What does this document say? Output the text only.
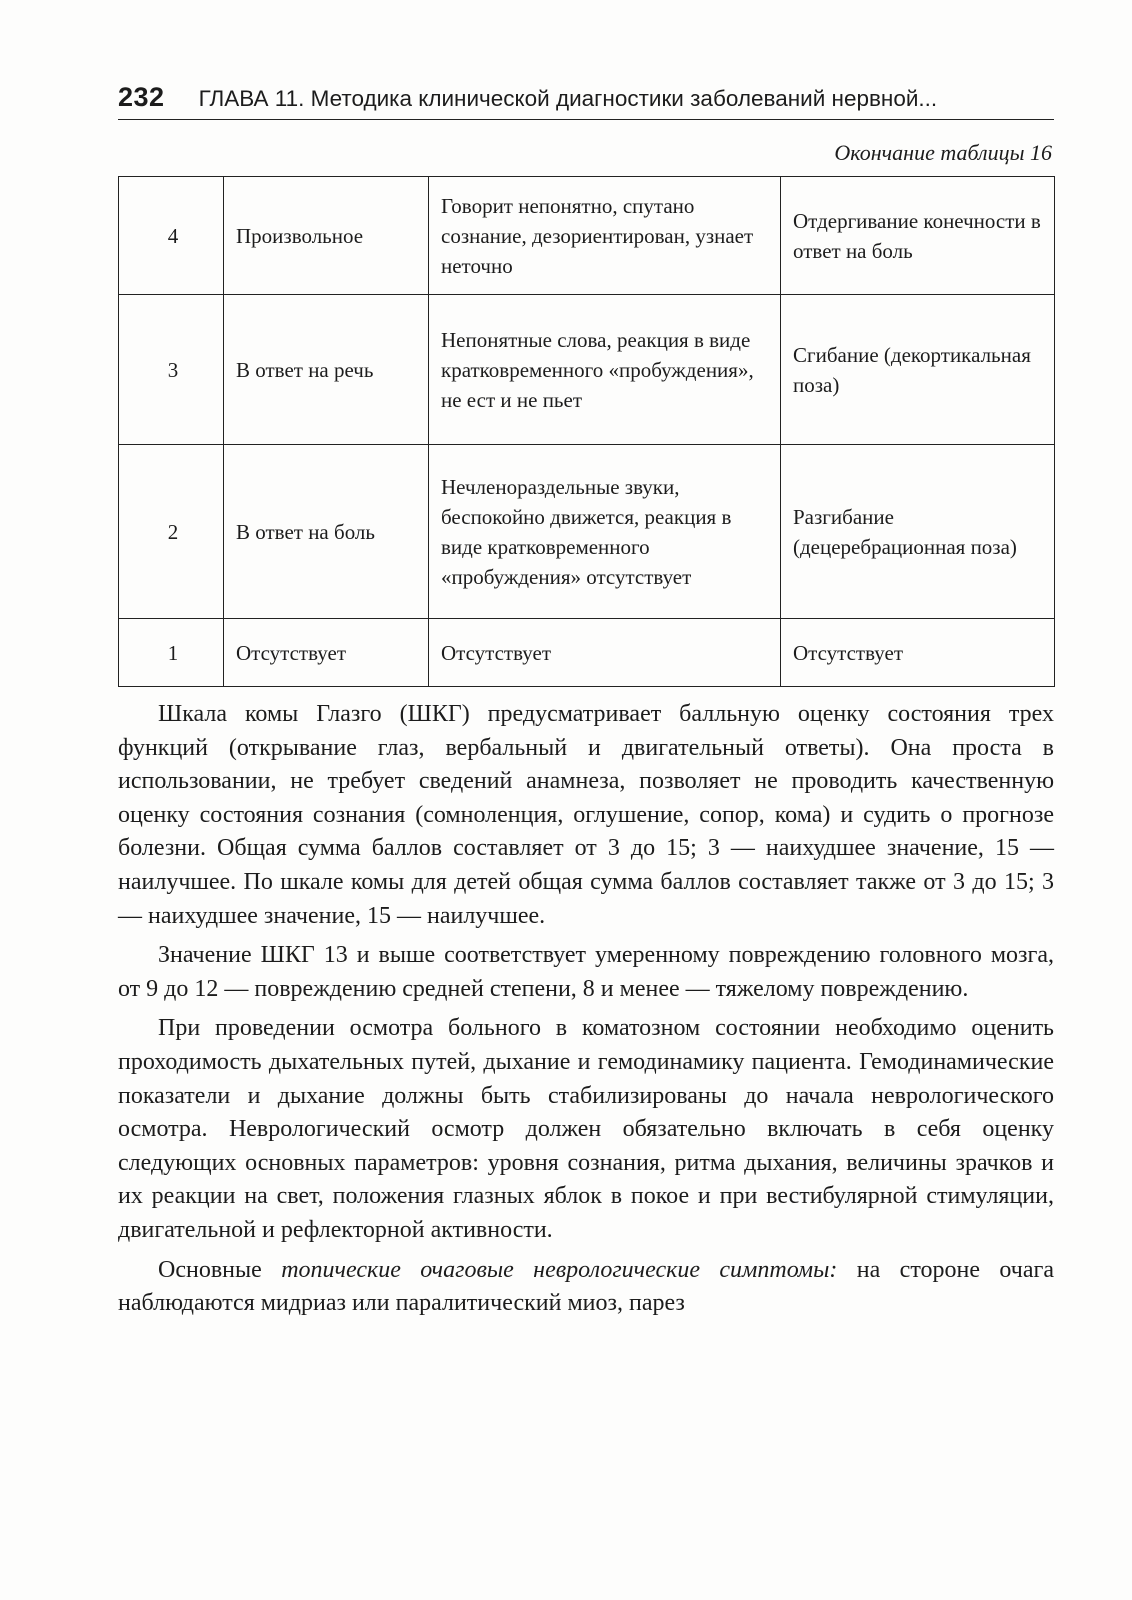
232 ГЛАВА 11. Методика клинической диагностики заболеваний нервной...
Окончание таблицы 16
4	Произвольное	Говорит непонятно, спутано сознание, дезориентирован, узнает неточно	Отдергивание конечности в ответ на боль
3	В ответ на речь	Непонятные слова, реакция в виде кратковременного «пробуждения», не ест и не пьет	Сгибание (декортикальная поза)
2	В ответ на боль	Нечленораздельные звуки, беспокойно движется, реакция в виде кратковременного «пробуждения» отсутствует	Разгибание (децеребрационная поза)
1	Отсутствует	Отсутствует	Отсутствует

Шкала комы Глазго (ШКГ) предусматривает балльную оценку состояния трех функций (открывание глаз, вербальный и двигательный ответы). Она проста в использовании, не требует сведений анамнеза, позволяет не проводить качественную оценку состояния сознания (сомноленция, оглушение, сопор, кома) и судить о прогнозе болезни. Общая сумма баллов составляет от 3 до 15; 3 — наихудшее значение, 15 — наилучшее. По шкале комы для детей общая сумма баллов составляет также от 3 до 15; 3 — наихудшее значение, 15 — наилучшее.

Значение ШКГ 13 и выше соответствует умеренному повреждению головного мозга, от 9 до 12 — повреждению средней степени, 8 и менее — тяжелому повреждению.

При проведении осмотра больного в коматозном состоянии необходимо оценить проходимость дыхательных путей, дыхание и гемодинамику пациента. Гемодинамические показатели и дыхание должны быть стабилизированы до начала неврологического осмотра. Неврологический осмотр должен обязательно включать в себя оценку следующих основных параметров: уровня сознания, ритма дыхания, величины зрачков и их реакции на свет, положения глазных яблок в покое и при вестибулярной стимуляции, двигательной и рефлекторной активности.

Основные топические очаговые неврологические симптомы: на стороне очага наблюдаются мидриаз или паралитический миоз, парез
